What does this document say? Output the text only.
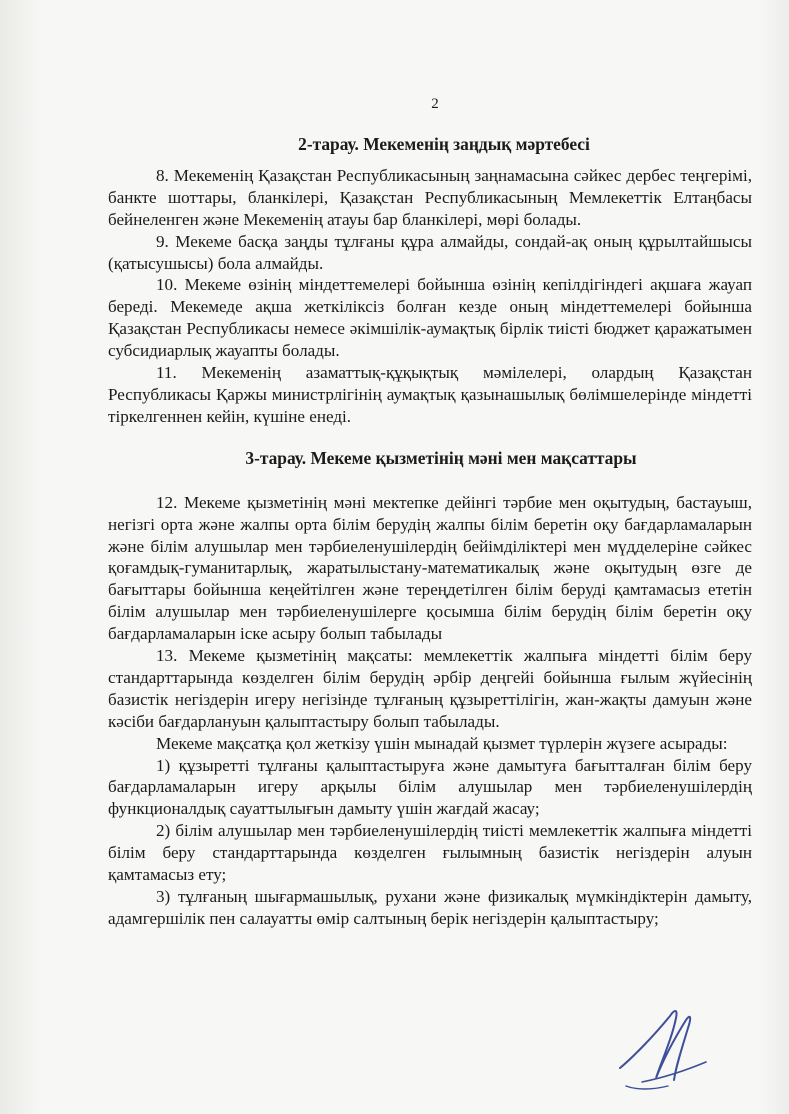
2
2-тарау. Мекеменің заңдық мәртебесі

8. Мекеменің Қазақстан Республикасының заңнамасына сәйкес дербес теңгерімі, банкте шоттары, бланкілері, Қазақстан Республикасының Мемлекеттік Елтаңбасы бейнеленген және Мекеменің атауы бар бланкілері, мөрі болады.

9. Мекеме басқа заңды тұлғаны құра алмайды, сондай-ақ оның құрылтайшысы (қатысушысы) бола алмайды.

10. Мекеме өзінің міндеттемелері бойынша өзінің кепілдігіндегі ақшаға жауап береді. Мекемеде ақша жеткіліксіз болған кезде оның міндеттемелері бойынша Қазақстан Республикасы немесе әкімшілік-аумақтық бірлік тиісті бюджет қаражатымен субсидиарлық жауапты болады.

11. Мекеменің азаматтық-құқықтық мәмілелері, олардың Қазақстан Республикасы Қаржы министрлігінің аумақтық қазынашылық бөлімшелерінде міндетті тіркелгеннен кейін, күшіне енеді.

3-тарау. Мекеме қызметінің мәні мен мақсаттары

12. Мекеме қызметінің мәні мектепке дейінгі тәрбие мен оқытудың, бастауыш, негізгі орта және жалпы орта білім берудің жалпы білім беретін оқу бағдарламаларын және білім алушылар мен тәрбиеленушілердің бейімділіктері мен мүдделеріне сәйкес қоғамдық-гуманитарлық, жаратылыстану-математикалық және оқытудың өзге де бағыттары бойынша кеңейтілген және тереңдетілген білім беруді қамтамасыз ететін білім алушылар мен тәрбиеленушілерге қосымша білім берудің білім беретін оқу бағдарламаларын іске асыру болып табылады

13. Мекеме қызметінің мақсаты: мемлекеттік жалпыға міндетті білім беру стандарттарында көзделген білім берудің әрбір деңгейі бойынша ғылым жүйесінің базистік негіздерін игеру негізінде тұлғаның құзыреттілігін, жан-жақты дамуын және кәсіби бағдарлануын қалыптастыру болып табылады.

Мекеме мақсатқа қол жеткізу үшін мынадай қызмет түрлерін жүзеге асырады:

1) құзыретті тұлғаны қалыптастыруға және дамытуға бағытталған білім беру бағдарламаларын игеру арқылы білім алушылар мен тәрбиеленушілердің функционалдық сауаттылығын дамыту үшін жағдай жасау;

2) білім алушылар мен тәрбиеленушілердің тиісті мемлекеттік жалпыға міндетті білім беру стандарттарында көзделген ғылымның базистік негіздерін алуын қамтамасыз ету;

3) тұлғаның шығармашылық, рухани және физикалық мүмкіндіктерін дамыту, адамгершілік пен салауатты өмір салтының берік негіздерін қалыптастыру;
